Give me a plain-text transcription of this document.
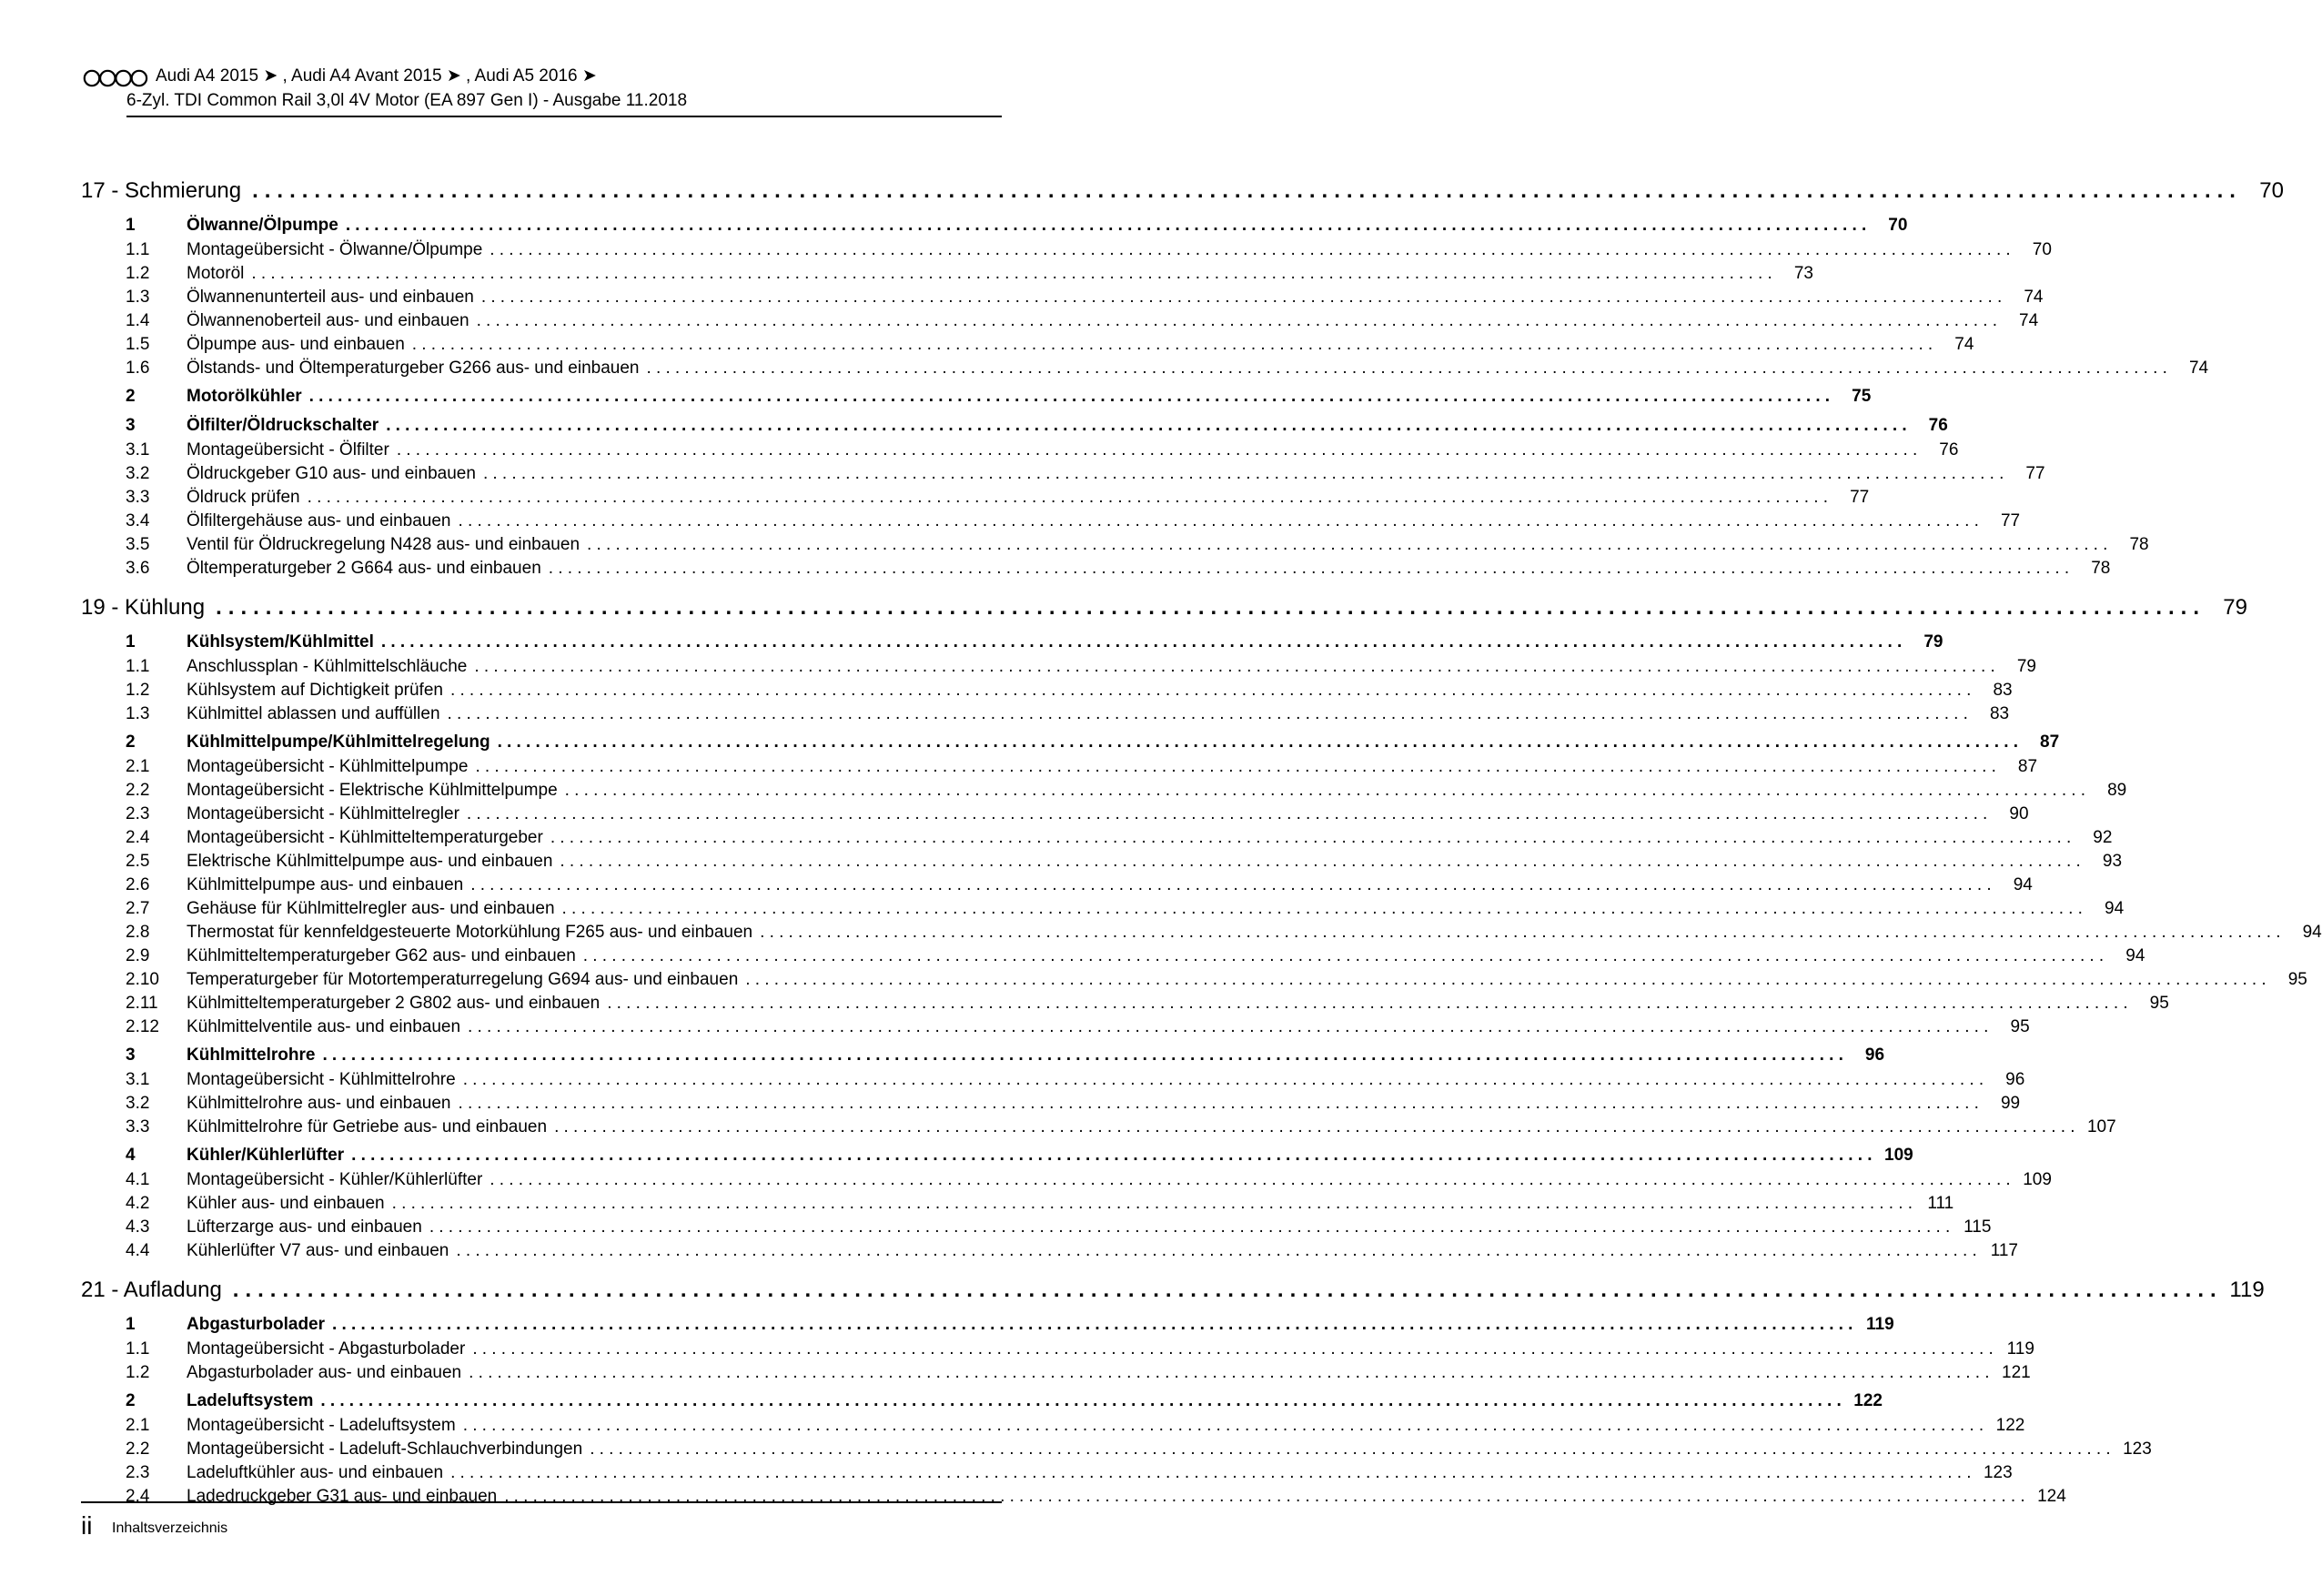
Audi A4 2015 ➤ , Audi A4 Avant 2015 ➤ , Audi A5 2016 ➤
6-Zyl. TDI Common Rail 3,0l 4V Motor (EA 897 Gen I) - Ausgabe 11.2018
17 - Schmierung ................................................................................................................................................................ 70
1	Ölwanne/Ölpumpe ................................................................................................................................................................ 70
1.1	Montageübersicht - Ölwanne/Ölpumpe ................................................................................................................................................................ 70
1.2	Motoröl ................................................................................................................................................................ 73
1.3	Ölwannenunterteil aus- und einbauen ................................................................................................................................................................ 74
1.4	Ölwannenoberteil aus- und einbauen ................................................................................................................................................................ 74
1.5	Ölpumpe aus- und einbauen ................................................................................................................................................................ 74
1.6	Ölstands- und Öltemperaturgeber G266 aus- und einbauen ................................................................................................................................................................ 74
2	Motorölkühler ................................................................................................................................................................ 75
3	Ölfilter/Öldruckschalter ................................................................................................................................................................ 76
3.1	Montageübersicht - Ölfilter ................................................................................................................................................................ 76
3.2	Öldruckgeber G10 aus- und einbauen ................................................................................................................................................................ 77
3.3	Öldruck prüfen ................................................................................................................................................................ 77
3.4	Ölfiltergehäuse aus- und einbauen ................................................................................................................................................................ 77
3.5	Ventil für Öldruckregelung N428 aus- und einbauen ................................................................................................................................................................ 78
3.6	Öltemperaturgeber 2 G664 aus- und einbauen ................................................................................................................................................................ 78
19 - Kühlung ................................................................................................................................................................ 79
1	Kühlsystem/Kühlmittel ................................................................................................................................................................ 79
1.1	Anschlussplan - Kühlmittelschläuche ................................................................................................................................................................ 79
1.2	Kühlsystem auf Dichtigkeit prüfen ................................................................................................................................................................ 83
1.3	Kühlmittel ablassen und auffüllen ................................................................................................................................................................ 83
2	Kühlmittelpumpe/Kühlmittelregelung ................................................................................................................................................................ 87
2.1	Montageübersicht - Kühlmittelpumpe ................................................................................................................................................................ 87
2.2	Montageübersicht - Elektrische Kühlmittelpumpe ................................................................................................................................................................ 89
2.3	Montageübersicht - Kühlmittelregler ................................................................................................................................................................ 90
2.4	Montageübersicht - Kühlmitteltemperaturgeber ................................................................................................................................................................ 92
2.5	Elektrische Kühlmittelpumpe aus- und einbauen ................................................................................................................................................................ 93
2.6	Kühlmittelpumpe aus- und einbauen ................................................................................................................................................................ 94
2.7	Gehäuse für Kühlmittelregler aus- und einbauen ................................................................................................................................................................ 94
2.8	Thermostat für kennfeldgesteuerte Motorkühlung F265 aus- und einbauen ................................................................................................................................................................ 94
2.9	Kühlmitteltemperaturgeber G62 aus- und einbauen ................................................................................................................................................................ 94
2.10	Temperaturgeber für Motortemperaturregelung G694 aus- und einbauen ................................................................................................................................................................ 95
2.11	Kühlmitteltemperaturgeber 2 G802 aus- und einbauen ................................................................................................................................................................ 95
2.12	Kühlmittelventile aus- und einbauen ................................................................................................................................................................ 95
3	Kühlmittelrohre ................................................................................................................................................................ 96
3.1	Montageübersicht - Kühlmittelrohre ................................................................................................................................................................ 96
3.2	Kühlmittelrohre aus- und einbauen ................................................................................................................................................................ 99
3.3	Kühlmittelrohre für Getriebe aus- und einbauen ................................................................................................................................................................ 107
4	Kühler/Kühlerlüfter ................................................................................................................................................................ 109
4.1	Montageübersicht - Kühler/Kühlerlüfter ................................................................................................................................................................ 109
4.2	Kühler aus- und einbauen ................................................................................................................................................................ 111
4.3	Lüfterzarge aus- und einbauen ................................................................................................................................................................ 115
4.4	Kühlerlüfter V7 aus- und einbauen ................................................................................................................................................................ 117
21 - Aufladung ................................................................................................................................................................ 119
1	Abgasturbolader ................................................................................................................................................................ 119
1.1	Montageübersicht - Abgasturbolader ................................................................................................................................................................ 119
1.2	Abgasturbolader aus- und einbauen ................................................................................................................................................................ 121
2	Ladeluftsystem ................................................................................................................................................................ 122
2.1	Montageübersicht - Ladeluftsystem ................................................................................................................................................................ 122
2.2	Montageübersicht - Ladeluft-Schlauchverbindungen ................................................................................................................................................................ 123
2.3	Ladeluftkühler aus- und einbauen ................................................................................................................................................................ 123
2.4	Ladedruckgeber G31 aus- und einbauen ................................................................................................................................................................ 124
ii Inhaltsverzeichnis
